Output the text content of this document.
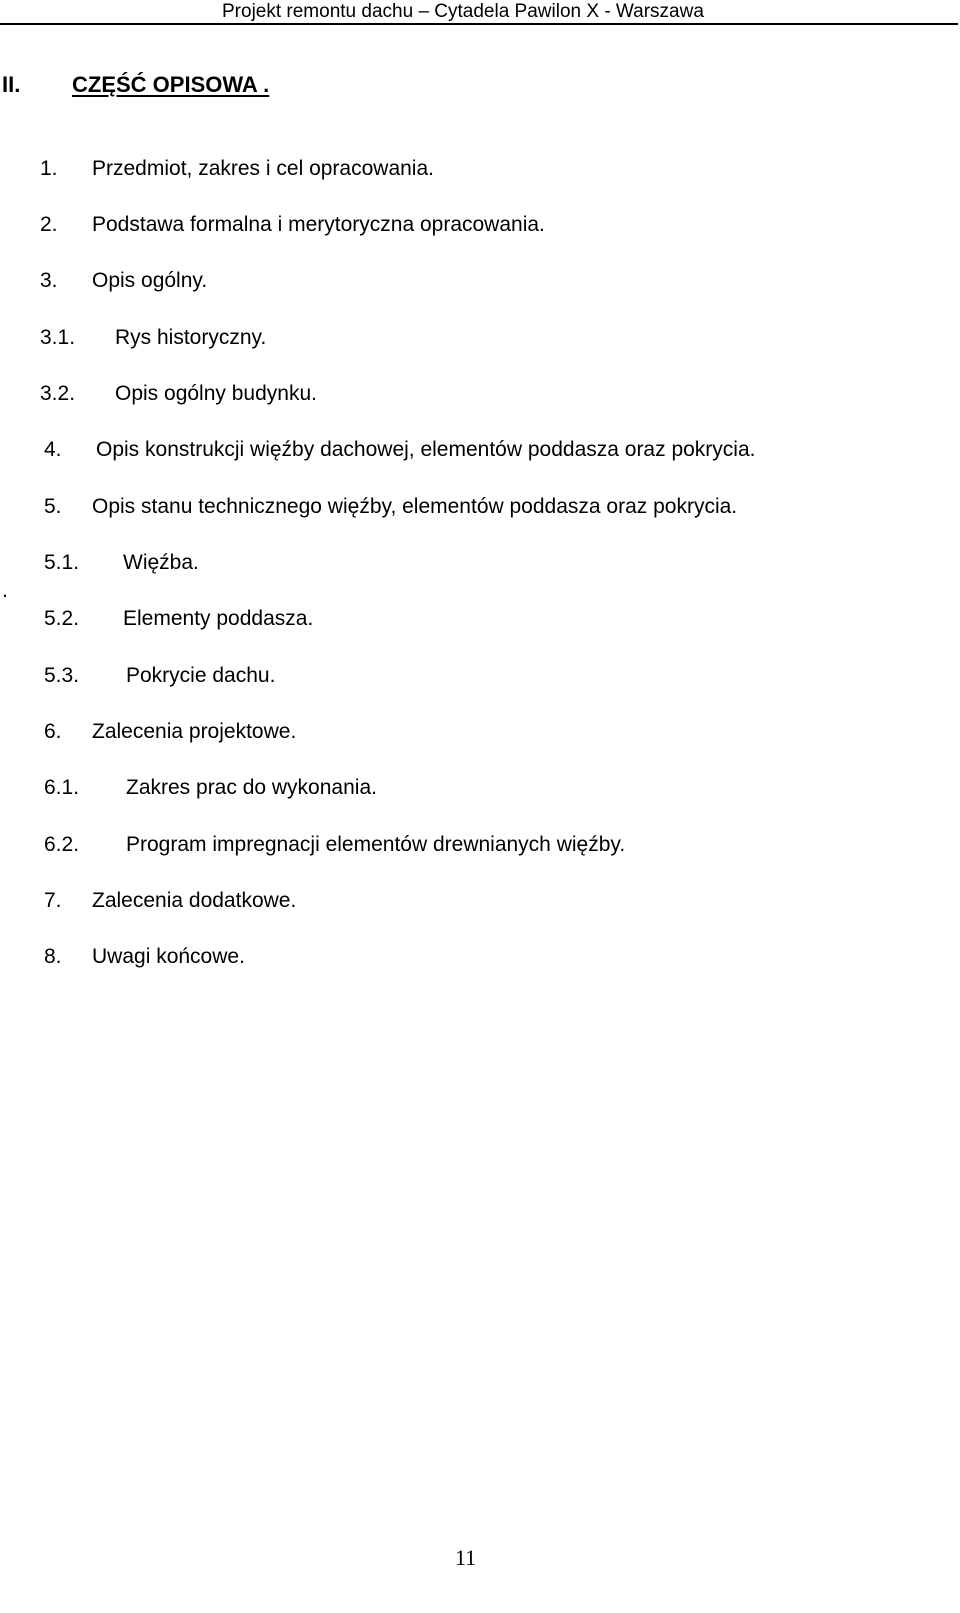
Projekt remontu dachu – Cytadela Pawilon X - Warszawa
II. CZĘŚĆ OPISOWA .
1. Przedmiot, zakres i cel opracowania.
2. Podstawa formalna i merytoryczna opracowania.
3. Opis ogólny.
3.1. Rys historyczny.
3.2. Opis ogólny budynku.
4. Opis konstrukcji więźby dachowej, elementów poddasza oraz pokrycia.
5. Opis stanu technicznego więźby, elementów poddasza oraz pokrycia.
5.1. Więźba.
5.2. Elementy poddasza.
5.3. Pokrycie dachu.
6. Zalecenia projektowe.
6.1. Zakres prac do wykonania.
6.2. Program impregnacji elementów drewnianych więźby.
7. Zalecenia dodatkowe.
8. Uwagi końcowe.
.
11
